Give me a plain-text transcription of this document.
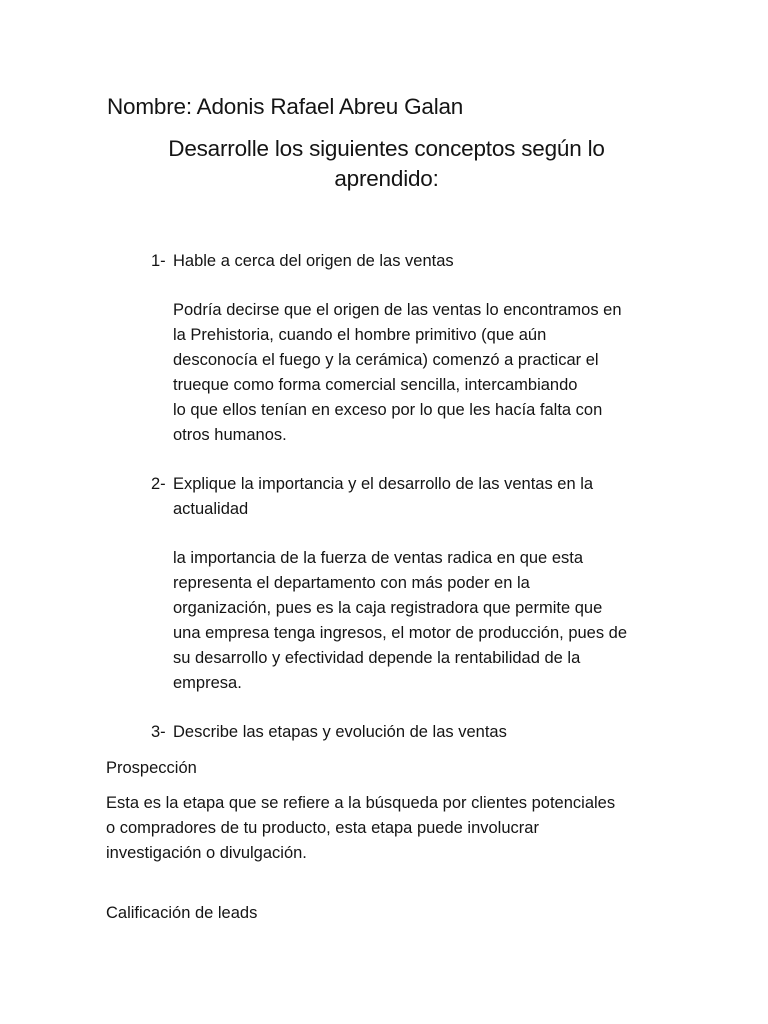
Nombre: Adonis Rafael Abreu Galan
Desarrolle los siguientes conceptos según lo
aprendido:
1- Hable a cerca del origen de las ventas

Podría decirse que el origen de las ventas lo encontramos en
la Prehistoria, cuando el hombre primitivo (que aún
desconocía el fuego y la cerámica) comenzó a practicar el
trueque como forma comercial sencilla, intercambiando
lo que ellos tenían en exceso por lo que les hacía falta con
otros humanos.
2- Explique la importancia y el desarrollo de las ventas en la
actualidad
la importancia de la fuerza de ventas radica en que esta
representa el departamento con más poder en la
organización, pues es la caja registradora que permite que
una empresa tenga ingresos, el motor de producción, pues de
su desarrollo y efectividad depende la rentabilidad de la
empresa.
3- Describe las etapas y evolución de las ventas

Prospección

Esta es la etapa que se refiere a la búsqueda por clientes potenciales
o compradores de tu producto, esta etapa puede involucrar
investigación o divulgación.

Calificación de leads
